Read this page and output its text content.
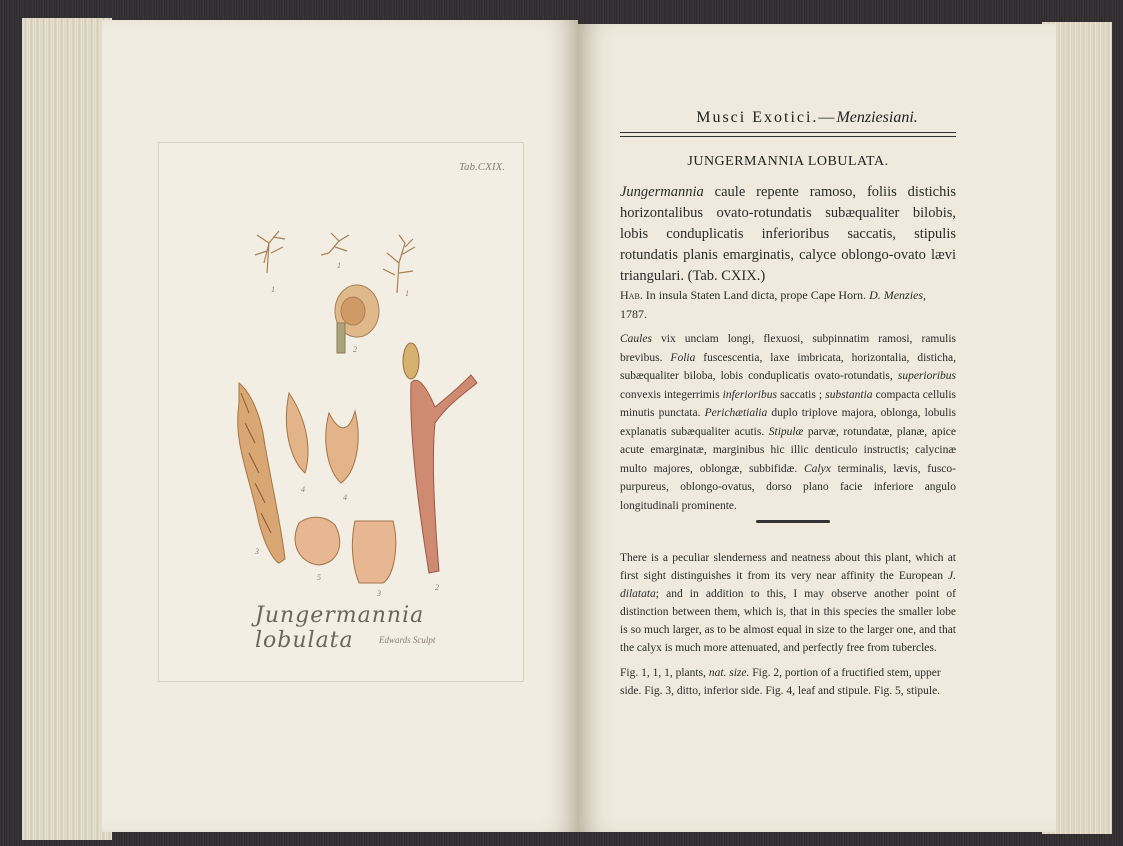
Tab.CXIX.
1
1
1
2
3
4
4
5
3
2
Jungermannia lobulata	Edwards Sculpt
Musci Exotici.—Menziesiani.
JUNGERMANNIA LOBULATA.
Jungermannia caule repente ramoso, foliis distichis horizontalibus ovato-rotundatis subæqualiter bilobis, lobis conduplicatis inferioribus saccatis, stipulis rotundatis planis emarginatis, calyce oblongo-ovato lævi triangulari. (Tab. CXIX.)
Hab. In insula Staten Land dicta, prope Cape Horn. D. Menzies, 1787.
Caules vix unciam longi, flexuosi, subpinnatim ramosi, ramulis brevibus. Folia fuscescentia, laxe imbricata, horizontalia, disticha, subæqualiter biloba, lobis conduplicatis ovato-rotundatis, superioribus convexis integerrimis inferioribus saccatis ; substantia compacta cellulis minutis punctata. Perichætialia duplo triplove majora, oblonga, lobulis explanatis subæqualiter acutis. Stipulæ parvæ, rotundatæ, planæ, apice acute emarginatæ, marginibus hic illic denticulo instructis; calycinæ multo majores, oblongæ, subbifidæ. Calyx terminalis, lævis, fusco-purpureus, oblongo-ovatus, dorso plano facie inferiore angulo longitudinali prominente.
There is a peculiar slenderness and neatness about this plant, which at first sight distinguishes it from its very near affinity the European J. dilatata; and in addition to this, I may observe another point of distinction between them, which is, that in this species the smaller lobe is so much larger, as to be almost equal in size to the larger one, and that the calyx is much more attenuated, and perfectly free from tubercles.
Fig. 1, 1, 1, plants, nat. size. Fig. 2, portion of a fructified stem, upper side. Fig. 3, ditto, inferior side. Fig. 4, leaf and stipule. Fig. 5, stipule.
